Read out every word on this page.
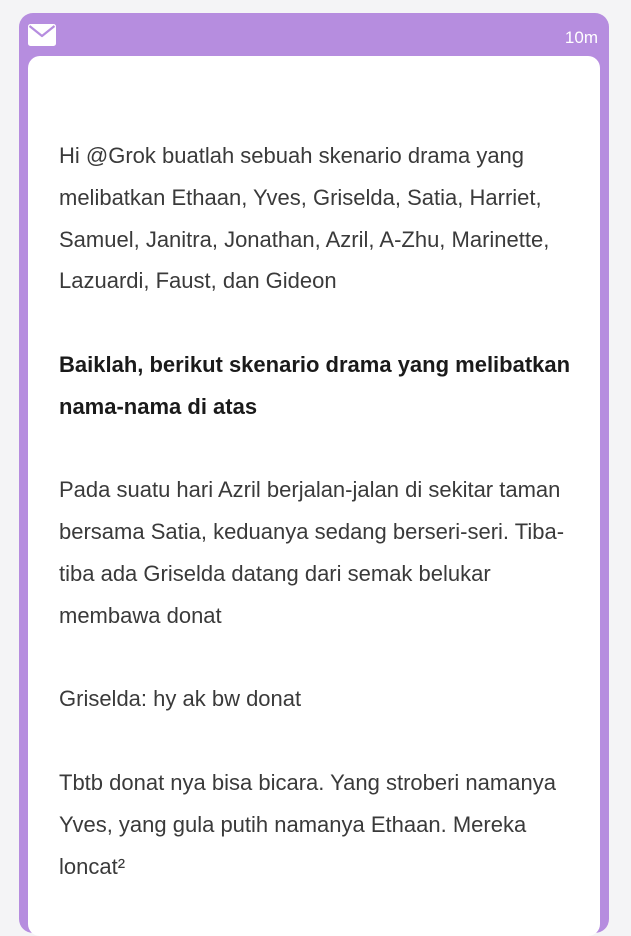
10m

Hi @Grok buatlah sebuah skenario drama yang melibatkan Ethaan, Yves, Griselda, Satia, Harriet, Samuel, Janitra, Jonathan, Azril, A-Zhu, Marinette, Lazuardi, Faust, dan Gideon

Baiklah, berikut skenario drama yang melibatkan nama-nama di atas

Pada suatu hari Azril berjalan-jalan di sekitar taman bersama Satia, keduanya sedang berseri-seri. Tiba-tiba ada Griselda datang dari semak belukar membawa donat

Griselda: hy ak bw donat

Tbtb donat nya bisa bicara. Yang stroberi namanya Yves, yang gula putih namanya Ethaan. Mereka loncat²
